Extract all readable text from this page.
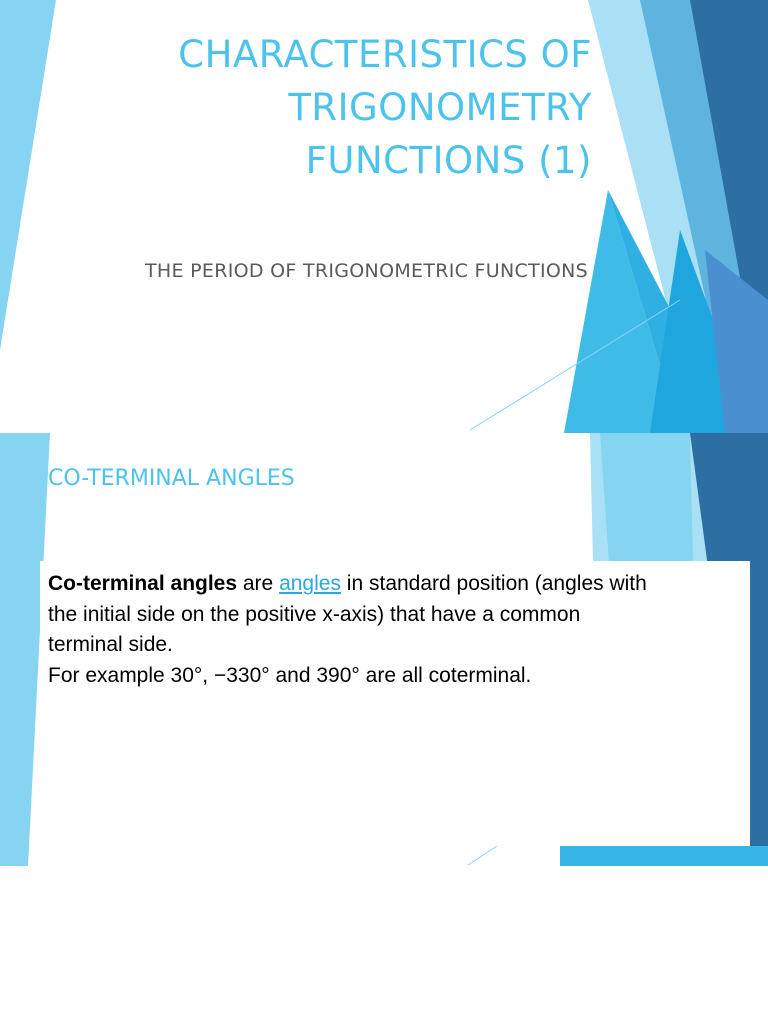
CHARACTERISTICS OF
TRIGONOMETRY
FUNCTIONS (1)
THE PERIOD OF TRIGONOMETRIC FUNCTIONS
CO-TERMINAL ANGLES
Co-terminal angles are angles in standard position (angles with the initial side on the positive x-axis) that have a common terminal side.
For example 30°, −330° and 390° are all coterminal.
